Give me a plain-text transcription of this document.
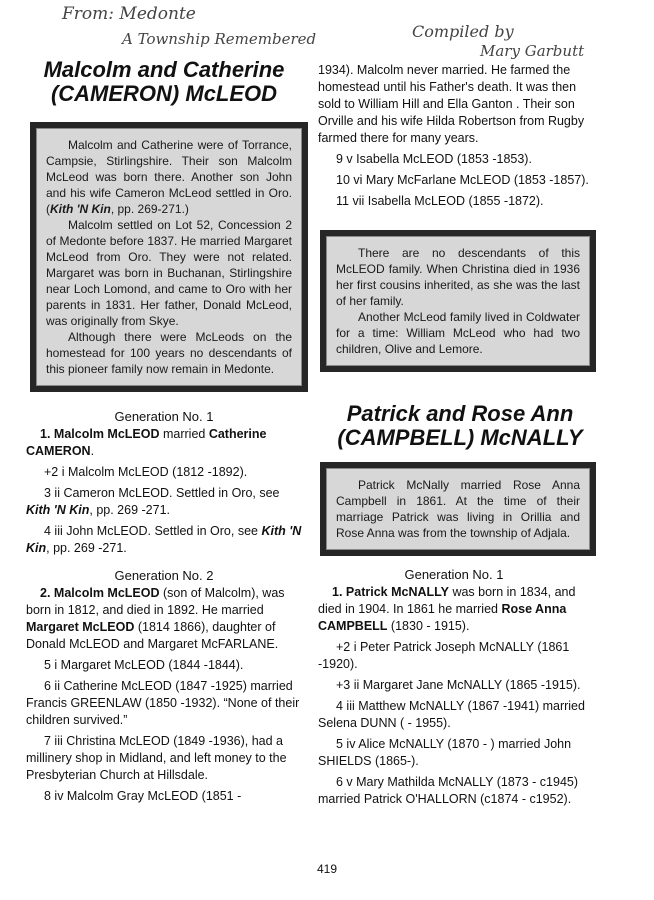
From: Medonte
A Township Remembered	Compiled by
Mary Garbutt
Malcolm and Catherine
(CAMERON) McLEOD

Malcolm and Catherine were of Torrance, Campsie, Stirlingshire. Their son Malcolm McLeod was born there. Another son John and his wife Cameron McLeod settled in Oro. (Kith 'N Kin, pp. 269-271.)

Malcolm settled on Lot 52, Concession 2 of Medonte before 1837. He married Margaret McLeod from Oro. They were not related. Margaret was born in Buchanan, Stirlingshire near Loch Lomond, and came to Oro with her parents in 1831. Her father, Donald McLeod, was originally from Skye.

Although there were McLeods on the homestead for 100 years no descendants of this pioneer family now remain in Medonte.

Generation No. 1
1. Malcolm McLEOD married Catherine CAMERON.
+2 i Malcolm McLEOD (1812 -1892).
3 ii Cameron McLEOD. Settled in Oro, see Kith 'N Kin, pp. 269 -271.
4 iii John McLEOD. Settled in Oro, see Kith 'N Kin, pp. 269 -271.
Generation No. 2
2. Malcolm McLEOD (son of Malcolm), was born in 1812, and died in 1892. He married Margaret McLEOD (1814 1866), daughter of Donald McLEOD and Margaret McFARLANE.
5 i Margaret McLEOD (1844 -1844).
6 ii Catherine McLEOD (1847 -1925) married Francis GREENLAW (1850 -1932). “None of their children survived.”
7 iii Christina McLEOD (1849 -1936), had a millinery shop in Midland, and left money to the Presbyterian Church at Hillsdale.
8 iv Malcolm Gray McLEOD (1851 -
1934). Malcolm never married. He farmed the homestead until his Father's death. It was then sold to William Hill and Ella Ganton . Their son Orville and his wife Hilda Robertson from Rugby farmed there for many years.
9 v Isabella McLEOD (1853 -1853).
10 vi Mary McFarlane McLEOD (1853 -1857).
11 vii Isabella McLEOD (1855 -1872).

There are no descendants of this McLEOD family. When Christina died in 1936 her first cousins inherited, as she was the last of her family.

Another McLeod family lived in Coldwater for a time: William McLeod who had two children, Olive and Lemore.

Patrick and Rose Ann
(CAMPBELL) McNALLY

Patrick McNally married Rose Anna Campbell in 1861. At the time of their marriage Patrick was living in Orillia and Rose Anna was from the township of Adjala.

Generation No. 1
1. Patrick McNALLY was born in 1834, and died in 1904. In 1861 he married Rose Anna CAMPBELL (1830 - 1915).
+2 i Peter Patrick Joseph McNALLY (1861 -1920).
+3 ii Margaret Jane McNALLY (1865 -1915).
4 iii Matthew McNALLY (1867 -1941) married Selena DUNN ( - 1955).
5 iv Alice McNALLY (1870 - ) married John SHIELDS (1865-).
6 v Mary Mathilda McNALLY (1873 - c1945) married Patrick O'HALLORN (c1874 - c1952).
419
